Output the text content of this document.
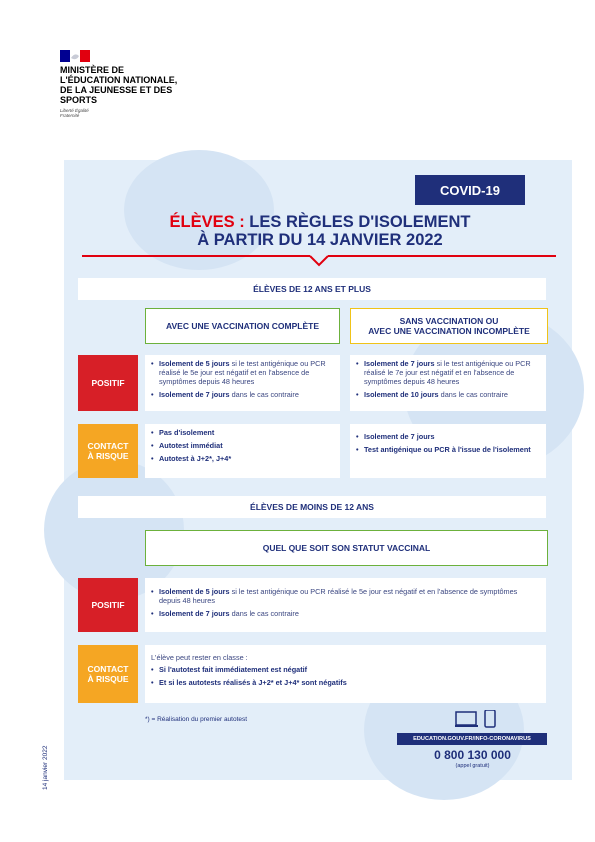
MINISTÈRE DE L'ÉDUCATION NATIONALE, DE LA JEUNESSE ET DES SPORTS
Liberté Égalité Fraternité
COVID-19
ÉLÈVES : LES RÈGLES D'ISOLEMENT
À PARTIR DU 14 JANVIER 2022
ÉLÈVES DE 12 ANS ET PLUS
AVEC UNE VACCINATION COMPLÈTE	SANS VACCINATION OU
AVEC UNE VACCINATION INCOMPLÈTE
POSITIF
• Isolement de 5 jours si le test antigénique ou PCR réalisé le 5e jour est négatif et en l'absence de symptômes depuis 48 heures
• Isolement de 7 jours dans le cas contraire
• Isolement de 7 jours si le test antigénique ou PCR réalisé le 7e jour est négatif et en l'absence de symptômes depuis 48 heures
• Isolement de 10 jours dans le cas contraire
CONTACT
À RISQUE
• Pas d'isolement
• Autotest immédiat
• Autotest à J+2*, J+4*
• Isolement de 7 jours
• Test antigénique ou PCR à l'issue de l'isolement
ÉLÈVES DE MOINS DE 12 ANS
QUEL QUE SOIT SON STATUT VACCINAL
POSITIF
• Isolement de 5 jours si le test antigénique ou PCR réalisé le 5e jour est négatif et en l'absence de symptômes depuis 48 heures
• Isolement de 7 jours dans le cas contraire
CONTACT
À RISQUE
L'élève peut rester en classe :
• Si l'autotest fait immédiatement est négatif
• Et si les autotests réalisés à J+2* et J+4* sont négatifs
*) = Réalisation du premier autotest
EDUCATION.GOUV.FR/INFO-CORONAVIRUS
0 800 130 000
(appel gratuit)
14 janvier 2022
